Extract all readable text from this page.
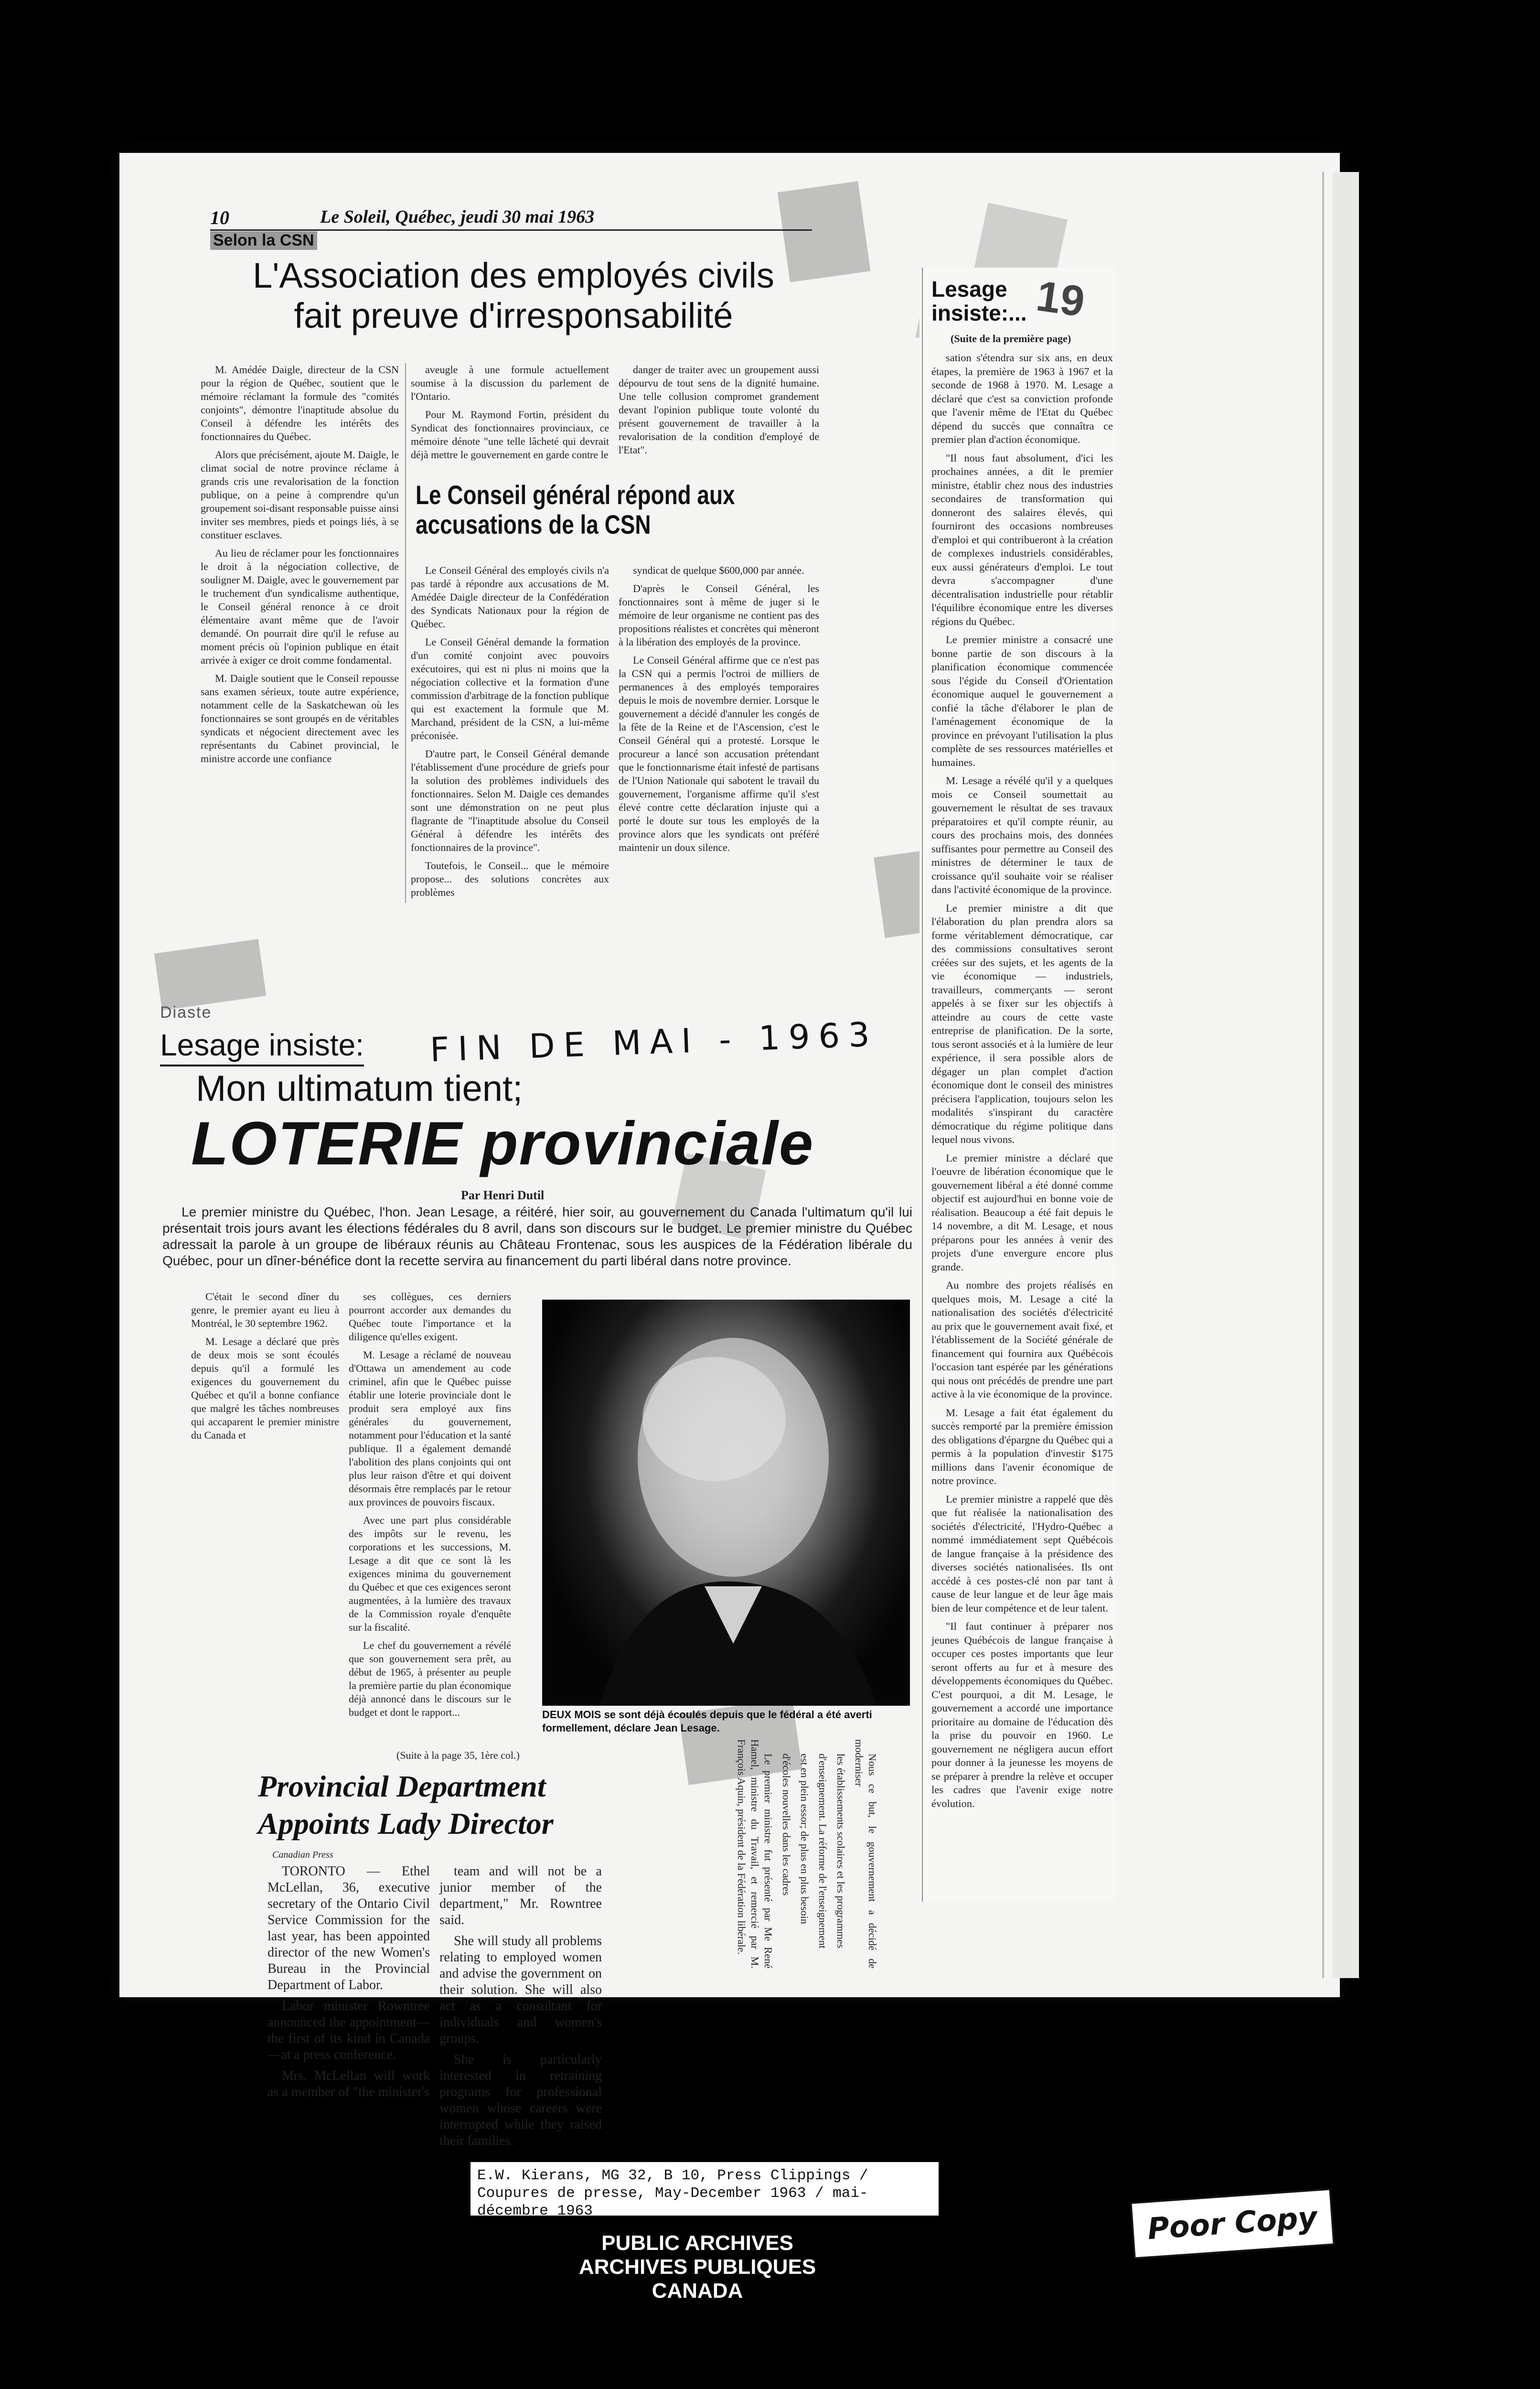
10	Le Soleil, Québec, jeudi 30 mai 1963
Selon la CSN
L'Association des employés civils fait preuve d'irresponsabilité

M. Amédée Daigle, directeur de la CSN pour la région de Québec, soutient que le mémoire réclamant la formule des "comités conjoints", démontre l'inaptitude absolue du Conseil à défendre les intérêts des fonctionnaires du Québec.

Alors que précisément, ajoute M. Daigle, le climat social de notre province réclame à grands cris une revalorisation de la fonction publique, on a peine à comprendre qu'un groupement soi-disant responsable puisse ainsi inviter ses membres, pieds et poings liés, à se constituer esclaves.

Au lieu de réclamer pour les fonctionnaires le droit à la négociation collective, de souligner M. Daigle, avec le gouvernement par le truchement d'un syndicalisme authentique, le Conseil général renonce à ce droit élémentaire avant même que de l'avoir demandé. On pourrait dire qu'il le refuse au moment précis où l'opinion publique en était arrivée à exiger ce droit comme fondamental.

M. Daigle soutient que le Conseil repousse sans examen sérieux, toute autre expérience, notamment celle de la Saskatchewan où les fonctionnaires se sont groupés en de véritables syndicats et négocient directement avec les représentants du Cabinet provincial, le ministre accorde une confiance

aveugle à une formule actuellement soumise à la discussion du parlement de l'Ontario.

Pour M. Raymond Fortin, président du Syndicat des fonctionnaires provinciaux, ce mémoire dénote "une telle lâcheté qui devrait déjà mettre le gouvernement en garde contre le

danger de traiter avec un groupement aussi dépourvu de tout sens de la dignité humaine. Une telle collusion compromet grandement devant l'opinion publique toute volonté du présent gouvernement de travailler à la revalorisation de la condition d'employé de l'Etat".

Le Conseil général répond aux accusations de la CSN

Le Conseil Général des employés civils n'a pas tardé à répondre aux accusations de M. Amédée Daigle directeur de la Confédération des Syndicats Nationaux pour la région de Québec.

Le Conseil Général demande la formation d'un comité conjoint avec pouvoirs exécutoires, qui est ni plus ni moins que la négociation collective et la formation d'une commission d'arbitrage de la fonction publique qui est exactement la formule que M. Marchand, président de la CSN, a lui-même préconisée.

D'autre part, le Conseil Général demande l'établissement d'une procédure de griefs pour la solution des problèmes individuels des fonctionnaires. Selon M. Daigle ces demandes sont une démonstration on ne peut plus flagrante de "l'inaptitude absolue du Conseil Général à défendre les intérêts des fonctionnaires de la province".

Toutefois, le Conseil... que le mémoire propose... des solutions concrètes aux problèmes

syndicat de quelque $600,000 par année.

D'après le Conseil Général, les fonctionnaires sont à même de juger si le mémoire de leur organisme ne contient pas des propositions réalistes et concrètes qui mèneront à la libération des employés de la province.

Le Conseil Général affirme que ce n'est pas la CSN qui a permis l'octroi de milliers de permanences à des employés temporaires depuis le mois de novembre dernier. Lorsque le gouvernement a décidé d'annuler les congés de la fête de la Reine et de l'Ascension, c'est le Conseil Général qui a protesté. Lorsque le procureur a lancé son accusation prétendant que le fonctionnarisme était infesté de partisans de l'Union Nationale qui sabotent le travail du gouvernement, l'organisme affirme qu'il s'est élevé contre cette déclaration injuste qui a porté le doute sur tous les employés de la province alors que les syndicats ont préféré maintenir un doux silence.

Lesage insiste:... 19
(Suite de la première page)

sation s'étendra sur six ans, en deux étapes, la première de 1963 à 1967 et la seconde de 1968 à 1970. M. Lesage a déclaré que c'est sa conviction profonde que l'avenir même de l'Etat du Québec dépend du succès que connaîtra ce premier plan d'action économique.

"Il nous faut absolument, d'ici les prochaines années, a dit le premier ministre, établir chez nous des industries secondaires de transformation qui donneront des salaires élevés, qui fourniront des occasions nombreuses d'emploi et qui contribueront à la création de complexes industriels considérables, eux aussi générateurs d'emploi. Le tout devra s'accompagner d'une décentralisation industrielle pour rétablir l'équilibre économique entre les diverses régions du Québec.

Le premier ministre a consacré une bonne partie de son discours à la planification économique commencée sous l'égide du Conseil d'Orientation économique auquel le gouvernement a confié la tâche d'élaborer le plan de l'aménagement économique de la province en prévoyant l'utilisation la plus complète de ses ressources matérielles et humaines.

M. Lesage a révélé qu'il y a quelques mois ce Conseil soumettait au gouvernement le résultat de ses travaux préparatoires et qu'il compte réunir, au cours des prochains mois, des données suffisantes pour permettre au Conseil des ministres de déterminer le taux de croissance qu'il souhaite voir se réaliser dans l'activité économique de la province.

Le premier ministre a dit que l'élaboration du plan prendra alors sa forme véritablement démocratique, car des commissions consultatives seront créées sur des sujets, et les agents de la vie économique — industriels, travailleurs, commerçants — seront appelés à se fixer sur les objectifs à atteindre au cours de cette vaste entreprise de planification. De la sorte, tous seront associés et à la lumière de leur expérience, il sera possible alors de dégager un plan complet d'action économique dont le conseil des ministres précisera l'application, toujours selon les modalités s'inspirant du caractère démocratique du régime politique dans lequel nous vivons.

Le premier ministre a déclaré que l'oeuvre de libération économique que le gouvernement libéral a été donné comme objectif est aujourd'hui en bonne voie de réalisation. Beaucoup a été fait depuis le 14 novembre, a dit M. Lesage, et nous préparons pour les années à venir des projets d'une envergure encore plus grande.

Au nombre des projets réalisés en quelques mois, M. Lesage a cité la nationalisation des sociétés d'électricité au prix que le gouvernement avait fixé, et l'établissement de la Société générale de financement qui fournira aux Québécois l'occasion tant espérée par les générations qui nous ont précédés de prendre une part active à la vie économique de la province.

M. Lesage a fait état également du succès remporté par la première émission des obligations d'épargne du Québec qui a permis à la population d'investir $175 millions dans l'avenir économique de notre province.

Le premier ministre a rappelé que dès que fut réalisée la nationalisation des sociétés d'électricité, l'Hydro-Québec a nommé immédiatement sept Québécois de langue française à la présidence des diverses sociétés nationalisées. Ils ont accédé à ces postes-clé non par tant à cause de leur langue et de leur âge mais bien de leur compétence et de leur talent.

"Il faut continuer à préparer nos jeunes Québécois de langue française à occuper ces postes importants que leur seront offerts au fur et à mesure des développements économiques du Québec. C'est pourquoi, a dit M. Lesage, le gouvernement a accordé une importance prioritaire au domaine de l'éducation dès la prise du pouvoir en 1960. Le gouvernement ne négligera aucun effort pour donner à la jeunesse les moyens de se préparer à prendre la relève et occuper les cadres que l'avenir exige notre évolution.

Diaste
Lesage insiste: FIN DE MAI - 1963
Mon ultimatum tient;
LOTERIE provinciale
Par Henri Dutil
Le premier ministre du Québec, l'hon. Jean Lesage, a réitéré, hier soir, au gouvernement du Canada l'ultimatum qu'il lui présentait trois jours avant les élections fédérales du 8 avril, dans son discours sur le budget. Le premier ministre du Québec adressait la parole à un groupe de libéraux réunis au Château Frontenac, sous les auspices de la Fédération libérale du Québec, pour un dîner-bénéfice dont la recette servira au financement du parti libéral dans notre province.

C'était le second dîner du genre, le premier ayant eu lieu à Montréal, le 30 septembre 1962.

M. Lesage a déclaré que près de deux mois se sont écoulés depuis qu'il a formulé les exigences du gouvernement du Québec et qu'il a bonne confiance que malgré les tâches nombreuses qui accaparent le premier ministre du Canada et

ses collègues, ces derniers pourront accorder aux demandes du Québec toute l'importance et la diligence qu'elles exigent.

M. Lesage a réclamé de nouveau d'Ottawa un amendement au code criminel, afin que le Québec puisse établir une loterie provinciale dont le produit sera employé aux fins générales du gouvernement, notamment pour l'éducation et la santé publique. Il a également demandé l'abolition des plans conjoints qui ont plus leur raison d'être et qui doivent désormais être remplacés par le retour aux provinces de pouvoirs fiscaux.

Avec une part plus considérable des impôts sur le revenu, les corporations et les successions, M. Lesage a dit que ce sont là les exigences minima du gouvernement du Québec et que ces exigences seront augmentées, à la lumière des travaux de la Commission royale d'enquête sur la fiscalité.

Le chef du gouvernement a révélé que son gouvernement sera prêt, au début de 1965, à présenter au peuple la première partie du plan économique déjà annoncé dans le discours sur le budget et dont le rapport...

(Suite à la page 35, 1ère col.)
DEUX MOIS se sont déjà écoulés depuis que le fédéral a été averti formellement, déclare Jean Lesage.
Provincial Department Appoints Lady Director
Canadian Press

TORONTO — Ethel McLellan, 36, executive secretary of the Ontario Civil Service Commission for the last year, has been appointed director of the new Women's Bureau in the Provincial Department of Labor.

Labor minister Rowntree announced the appointment—the first of its kind in Canada—at a press conference.

Mrs. McLellan will work as a member of "the minister's

team and will not be a junior member of the department," Mr. Rowntree said.

She will study all problems relating to employed women and advise the government on their solution. She will also act as a consultant for individuals and women's groups.

She is particularly interested in retraining programs for professional women whose careers were interrupted while they raised their families.

Nous ce but, le gouvernement a décidé de moderniser

les établissements scolaires et les programmes

d'enseignement. La réforme de l'enseignement

est en plein essor; de plus en plus besoin

d'écoles nouvelles dans les cadres

Le premier ministre fut présenté par Me René Hamel, ministre du Travail, et remercié par M. François Aquin, président de la Fédération libérale.

E.W. Kierans, MG 32, B 10, Press Clippings / Coupures de presse, May-December 1963 / mai-décembre 1963
PUBLIC ARCHIVES
ARCHIVES PUBLIQUES
CANADA
Poor Copy
